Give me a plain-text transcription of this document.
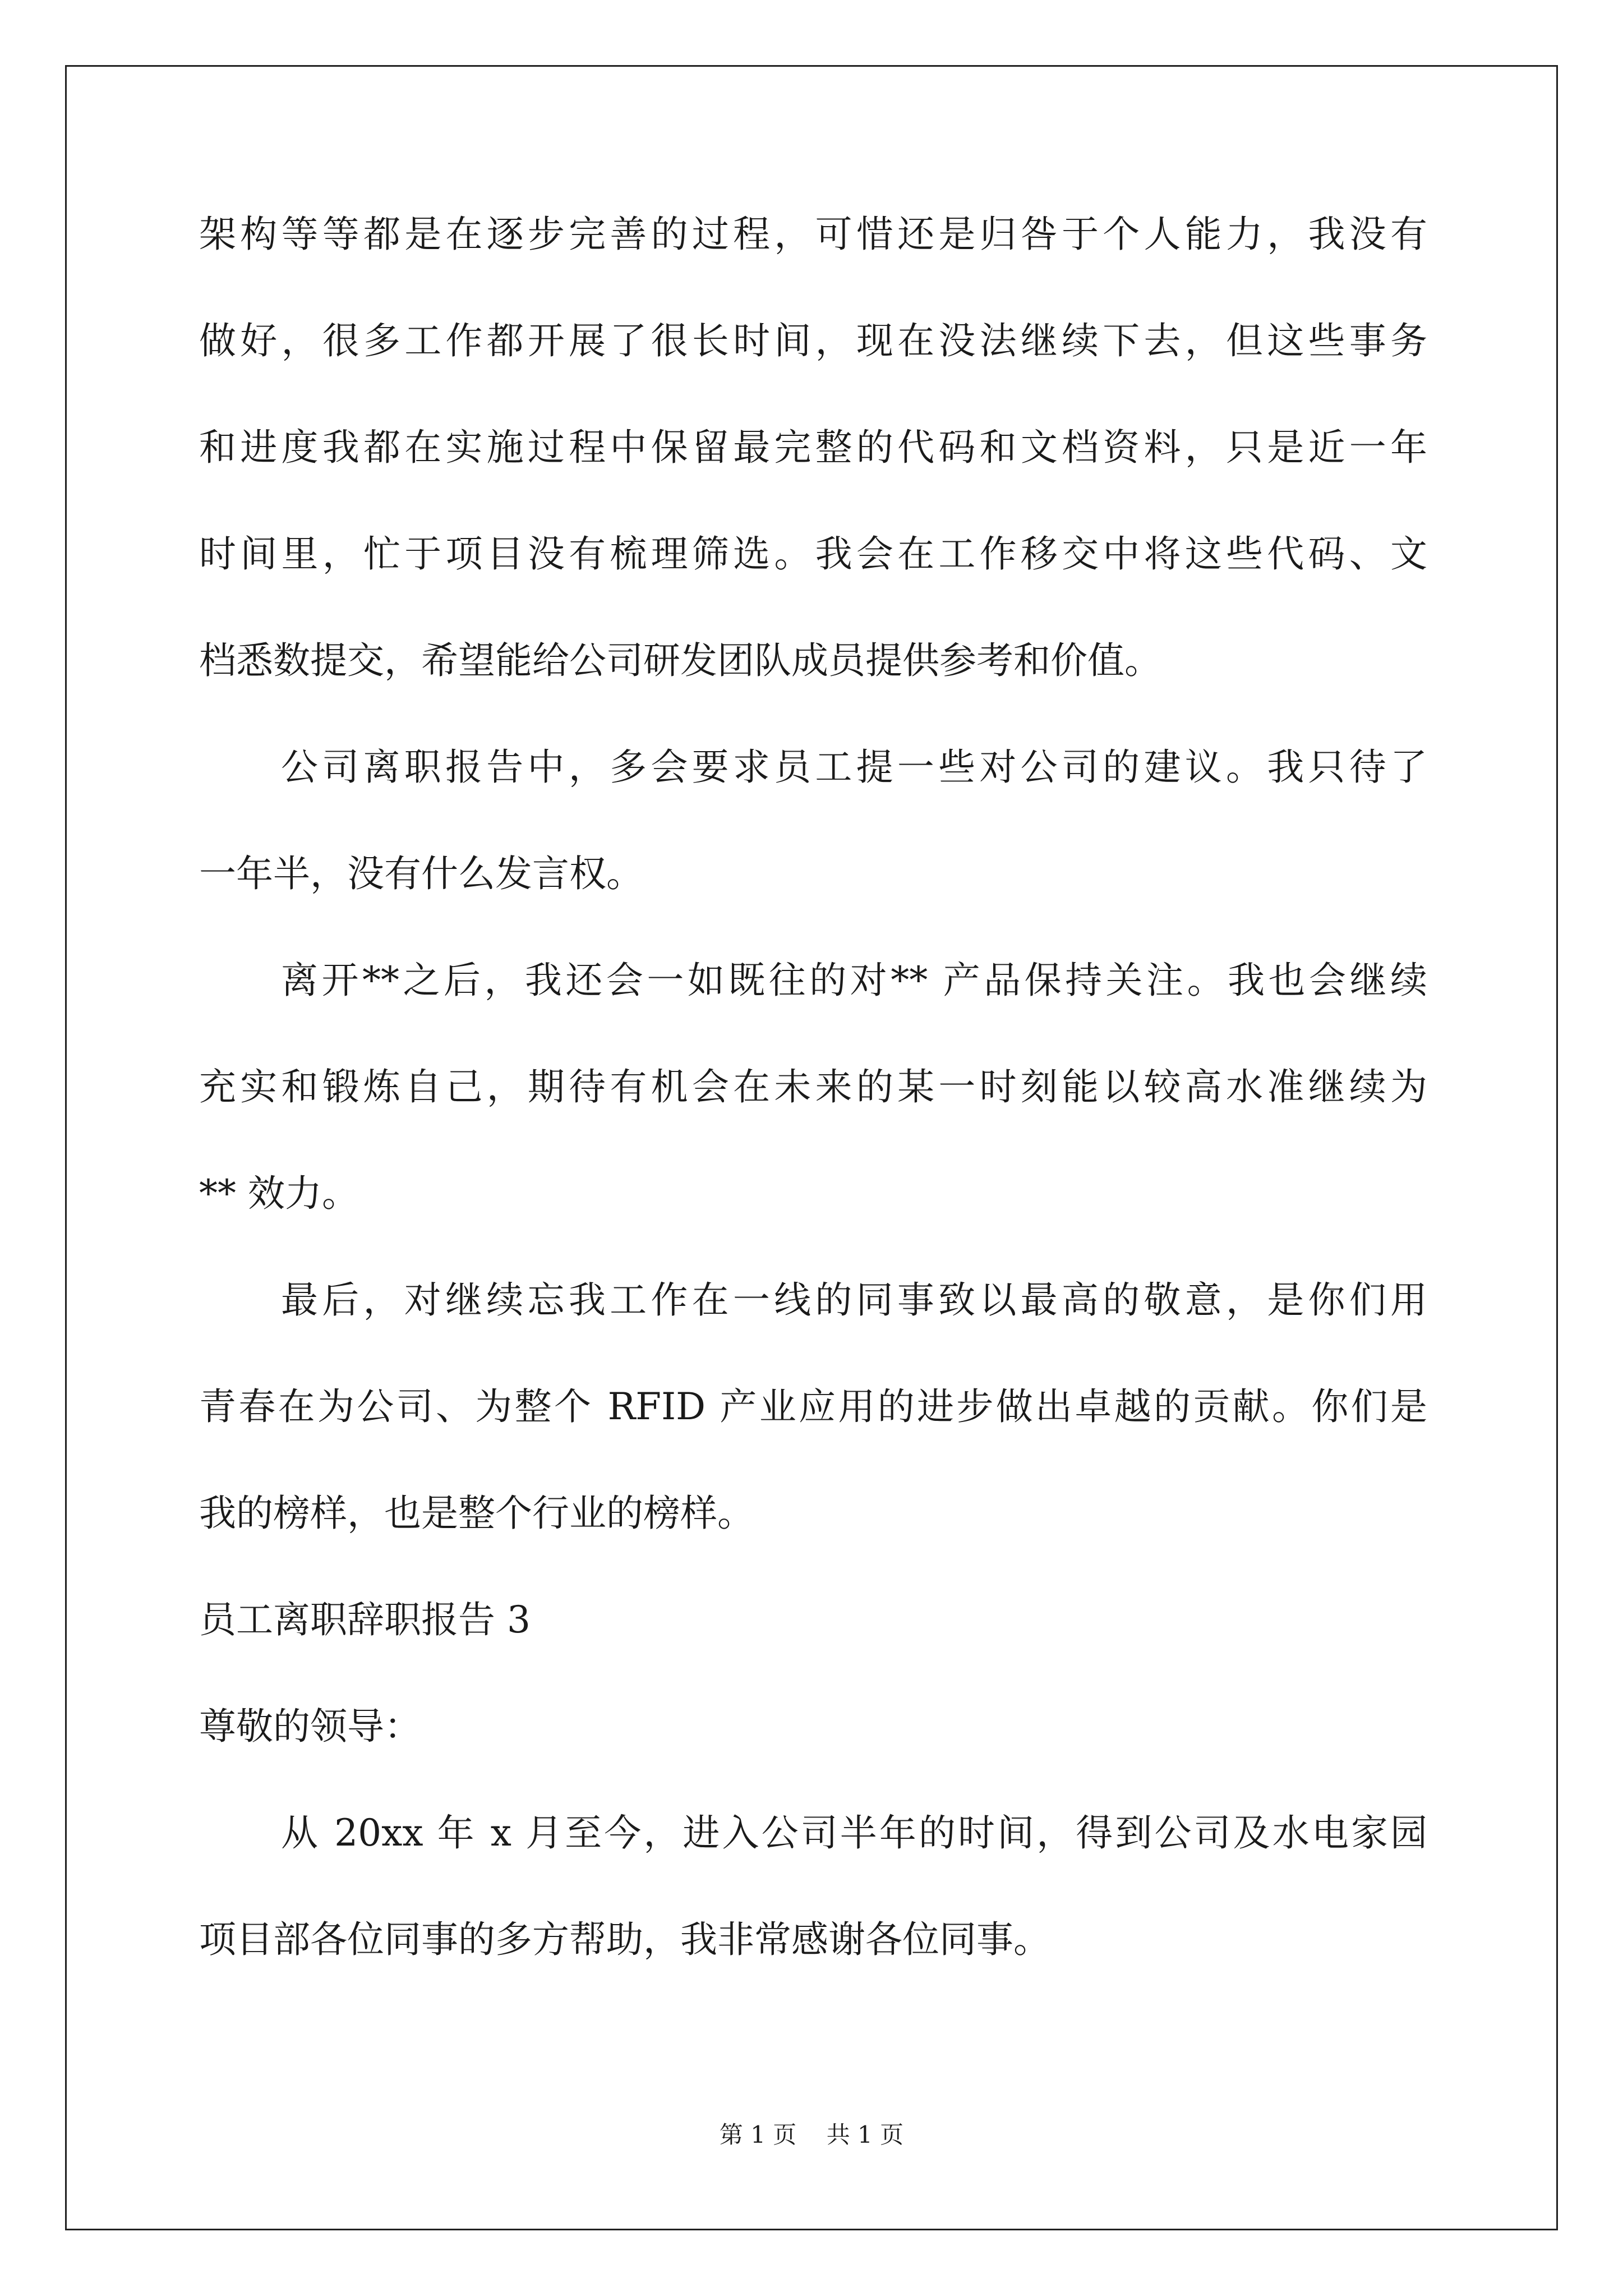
架构等等都是在逐步完善的过程，可惜还是归咎于个人能力，我没有
做好，很多工作都开展了很长时间，现在没法继续下去，但这些事务
和进度我都在实施过程中保留最完整的代码和文档资料，只是近一年
时间里，忙于项目没有梳理筛选。我会在工作移交中将这些代码、文
档悉数提交，希望能给公司研发团队成员提供参考和价值。
公司离职报告中，多会要求员工提一些对公司的建议。我只待了
一年半，没有什么发言权。
离开**之后，我还会一如既往的对** 产品保持关注。我也会继续
充实和锻炼自己，期待有机会在未来的某一时刻能以较高水准继续为
** 效力。
最后，对继续忘我工作在一线的同事致以最高的敬意，是你们用
青春在为公司、为整个 RFID 产业应用的进步做出卓越的贡献。你们是
我的榜样，也是整个行业的榜样。
员工离职辞职报告 3
尊敬的领导：
从 20xx 年 x 月至今，进入公司半年的时间，得到公司及水电家园
项目部各位同事的多方帮助，我非常感谢各位同事。
第 1 页 共 1 页
